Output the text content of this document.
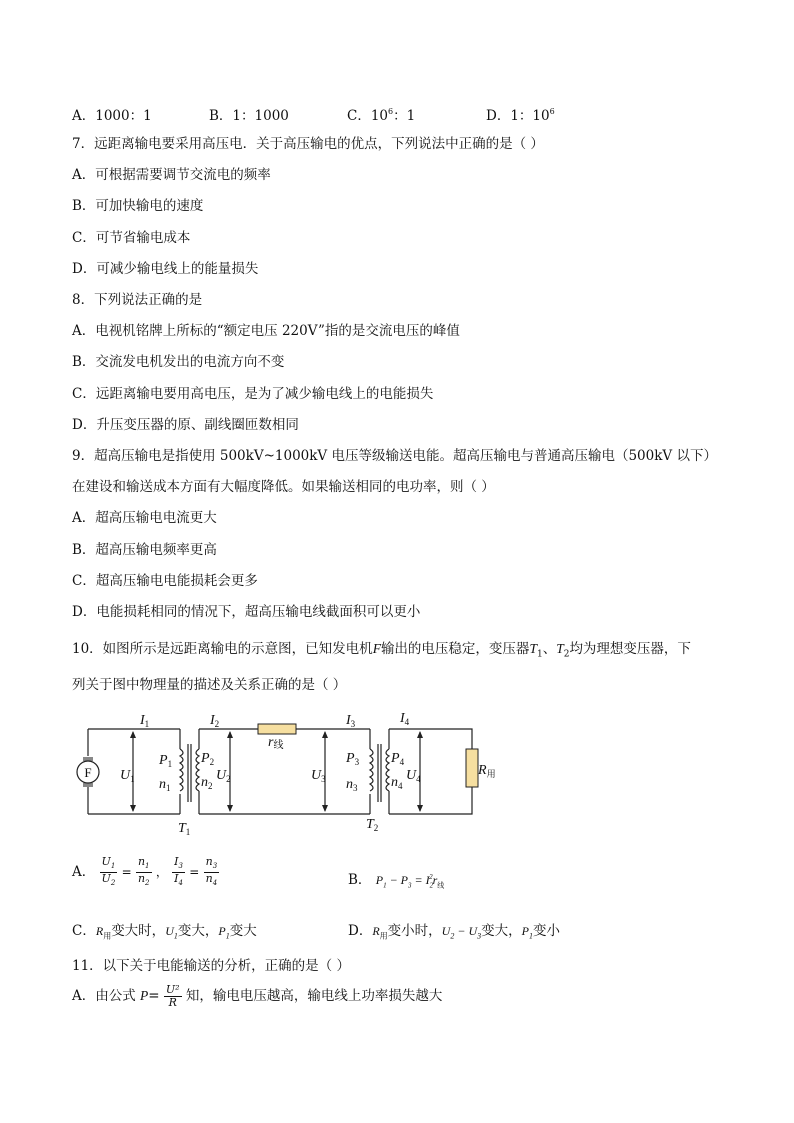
A．1000：1	B．1：1000	C．$10^6$：1	D．1：$10^6$
7．远距离输电要采用高压电．关于高压输电的优点，下列说法中正确的是（ ）
A．可根据需要调节交流电的频率
B．可加快输电的速度
C．可节省输电成本
D．可减少输电线上的能量损失
8．下列说法正确的是
A．电视机铭牌上所标的“额定电压 220V”指的是交流电压的峰值
B．交流发电机发出的电流方向不变
C．远距离输电要用高电压，是为了减少输电线上的电能损失
D．升压变压器的原、副线圈匝数相同
9．超高压输电是指使用 500kV~1000kV 电压等级输送电能。超高压输电与普通高压输电（500kV 以下）
在建设和输送成本方面有大幅度降低。如果输送相同的电功率，则（ ）
A．超高压输电电流更大
B．超高压输电频率更高
C．超高压输电电能损耗会更多
D．电能损耗相同的情况下，超高压输电线截面积可以更小
10．如图所示是远距离输电的示意图，已知发电机F输出的电压稳定，变压器$T_1$、$T_2$均为理想变压器，下
列关于图中物理量的描述及关系正确的是（ ）
F
$I_1$	$I_2$	$I_3$	$I_4$
r线
$P_1$
$n_1$
$P_2$
$n_2$
$P_3$
$n_3$
$P_4$
$n_4$
$U_1$	$U_2$	$U_3$	$U_4$
$T_1$	$T_2$
$R_用$
A． $\frac{U_1}{U_2} = \frac{n_1}{n_2}$ ， $\frac{I_3}{I_4} = \frac{n_3}{n_4}$	B． $P_1 - P_3 = I_2^2r_线$
C．$R_用$变大时，$U_1$变大，$P_1$变大	D．$R_用$变小时，$U_2 - U_3$变大，$P_1$变小
11．以下关于电能输送的分析，正确的是（ ）
A．由公式 $P= \frac{\text{U²}}{R}$ 知，输电电压越高，输电线上功率损失越大
